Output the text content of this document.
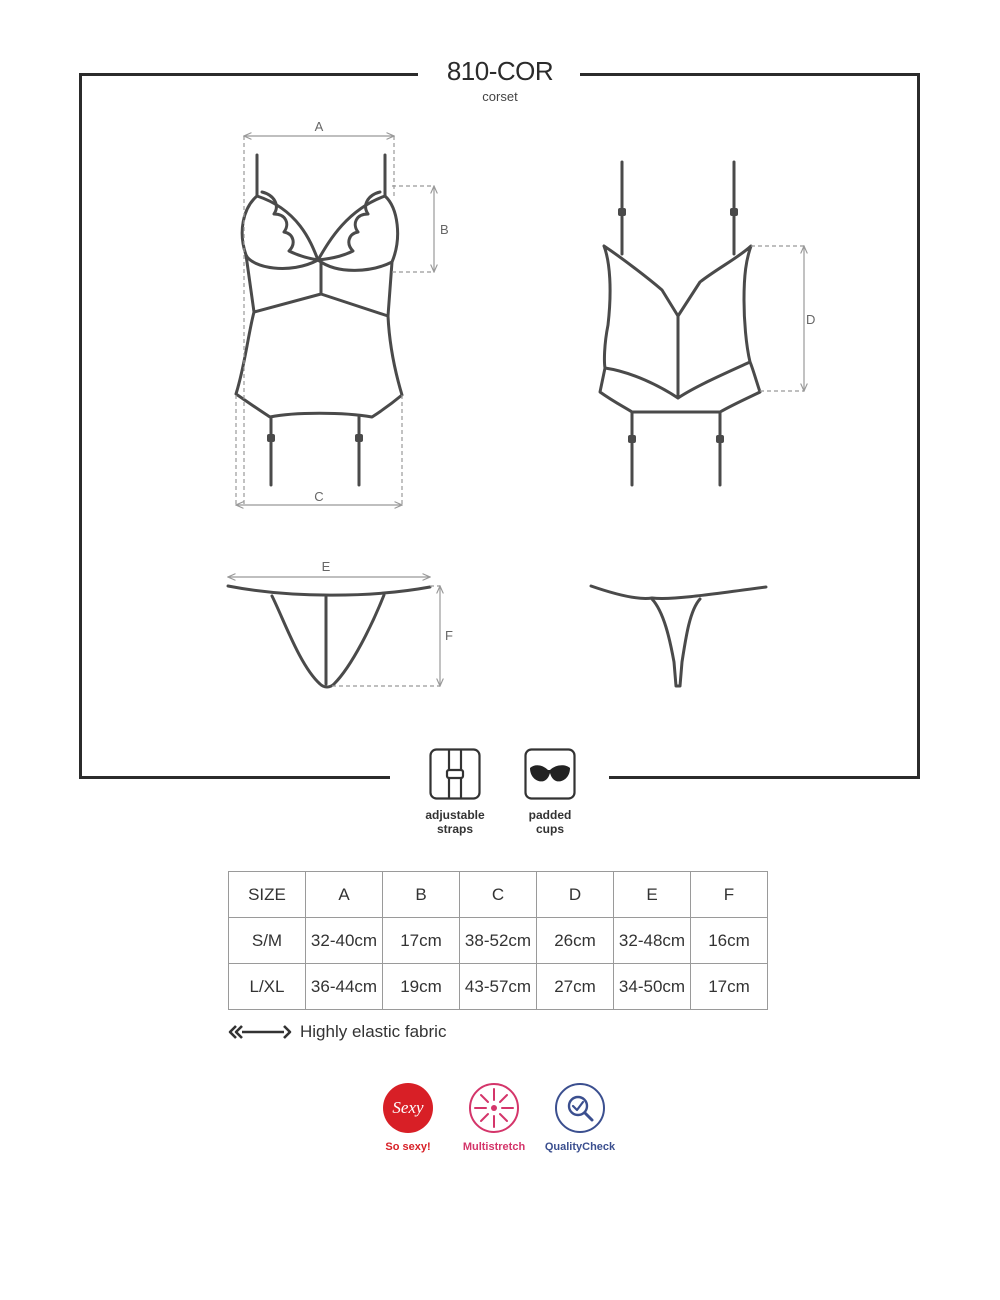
810-COR
corset
A
B
C
D
E
F
adjustable
straps
padded
cups
SIZE	A	B	C	D	E	F
S/M	32-40cm	17cm	38-52cm	26cm	32-48cm	16cm
L/XL	36-44cm	19cm	43-57cm	27cm	34-50cm	17cm
Highly elastic fabric
Sexy
So sexy!	Multistretch	QualityCheck
